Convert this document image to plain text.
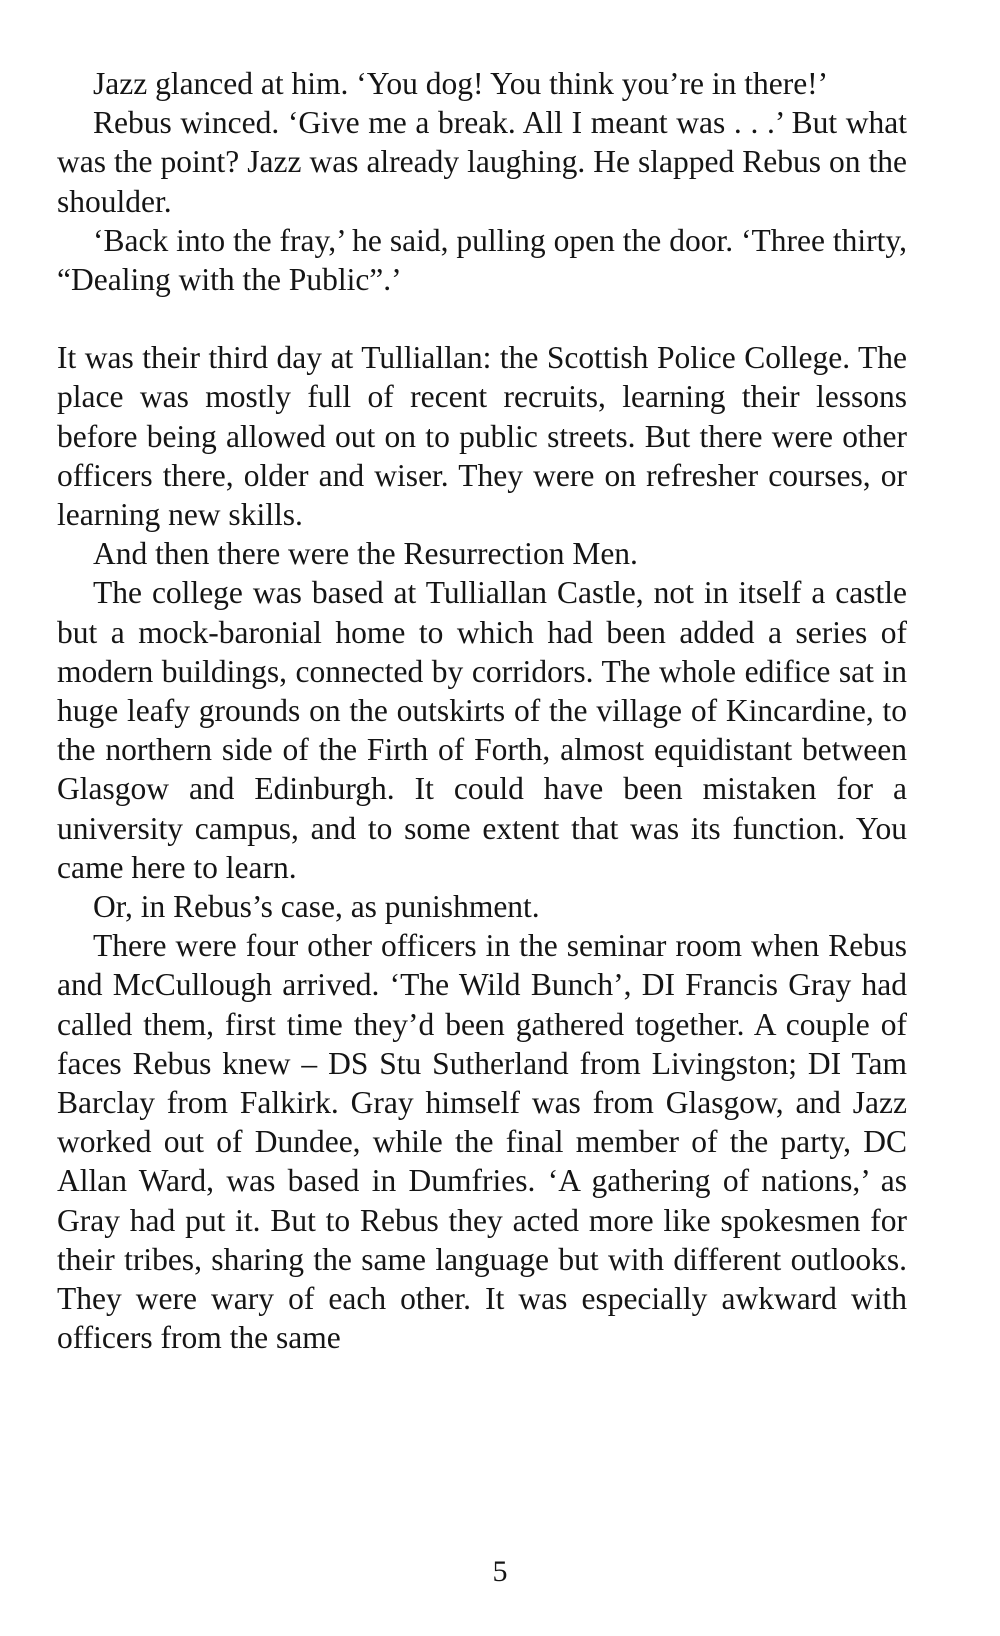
Jazz glanced at him. ‘You dog! You think you’re in there!’

Rebus winced. ‘Give me a break. All I meant was . . .’ But what was the point? Jazz was already laughing. He slapped Rebus on the shoulder.

‘Back into the fray,’ he said, pulling open the door. ‘Three thirty, “Dealing with the Public”.’

It was their third day at Tulliallan: the Scottish Police College. The place was mostly full of recent recruits, learning their lessons before being allowed out on to public streets. But there were other officers there, older and wiser. They were on refresher courses, or learning new skills.

And then there were the Resurrection Men.

The college was based at Tulliallan Castle, not in itself a castle but a mock-baronial home to which had been added a series of modern buildings, connected by corridors. The whole edifice sat in huge leafy grounds on the outskirts of the village of Kincardine, to the northern side of the Firth of Forth, almost equidistant between Glasgow and Edinburgh. It could have been mistaken for a university campus, and to some extent that was its function. You came here to learn.

Or, in Rebus’s case, as punishment.

There were four other officers in the seminar room when Rebus and McCullough arrived. ‘The Wild Bunch’, DI Francis Gray had called them, first time they’d been gathered together. A couple of faces Rebus knew – DS Stu Sutherland from Livingston; DI Tam Barclay from Falkirk. Gray himself was from Glasgow, and Jazz worked out of Dundee, while the final member of the party, DC Allan Ward, was based in Dumfries. ‘A gathering of nations,’ as Gray had put it. But to Rebus they acted more like spokesmen for their tribes, sharing the same language but with different outlooks. They were wary of each other. It was especially awkward with officers from the same

5
